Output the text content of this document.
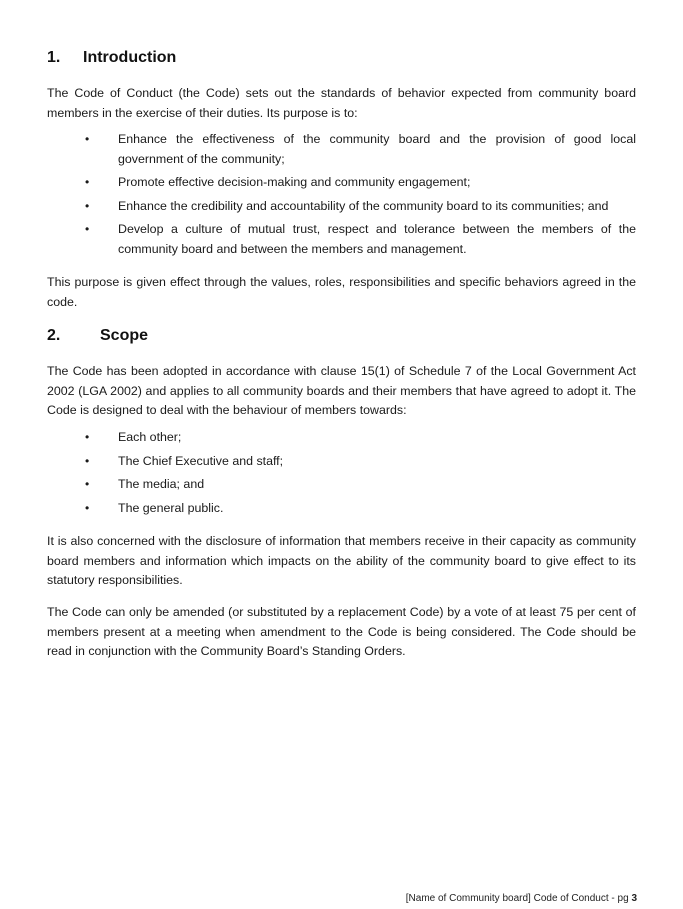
1.	Introduction

The Code of Conduct (the Code) sets out the standards of behavior expected from community board members in the exercise of their duties. Its purpose is to:

• Enhance the effectiveness of the community board and the provision of good local government of the community;
• Promote effective decision-making and community engagement;
• Enhance the credibility and accountability of the community board to its communities; and
• Develop a culture of mutual trust, respect and tolerance between the members of the community board and between the members and management.

This purpose is given effect through the values, roles, responsibilities and specific behaviors agreed in the code.

2.	Scope

The Code has been adopted in accordance with clause 15(1) of Schedule 7 of the Local Government Act 2002 (LGA 2002) and applies to all community boards and their members that have agreed to adopt it. The Code is designed to deal with the behaviour of members towards:

• Each other;
• The Chief Executive and staff;
• The media; and
• The general public.

It is also concerned with the disclosure of information that members receive in their capacity as community board members and information which impacts on the ability of the community board to give effect to its statutory responsibilities.

The Code can only be amended (or substituted by a replacement Code) by a vote of at least 75 per cent of members present at a meeting when amendment to the Code is being considered. The Code should be read in conjunction with the Community Board’s Standing Orders.

[Name of Community board] Code of Conduct - pg 3
